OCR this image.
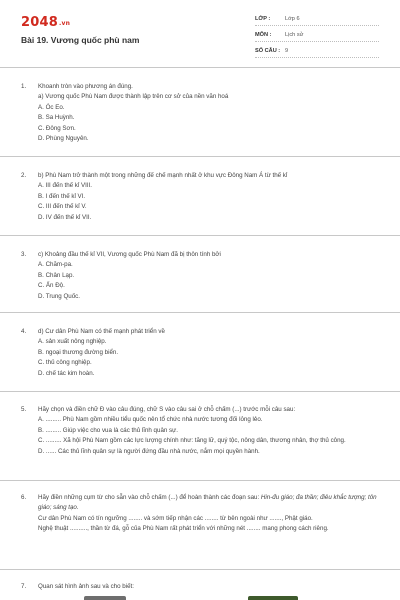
2048.vn
Bài 19. Vương quốc phù nam
LỚP :	Lớp 6
MÔN : Lịch sử
SỐ CÂU : 9
1. Khoanh tròn vào phương án đúng.
a) Vương quốc Phù Nam được thành lập trên cơ sở của nền văn hoá
A. Óc Eo.
B. Sa Huỳnh.
C. Đông Sơn.
D. Phùng Nguyên.
2. b) Phù Nam trở thành một trong những đế chế mạnh nhất ở khu vực Đông Nam Á từ thế kỉ
A. III đến thế kỉ VIII.
B. I đến thế kỉ VI.
C. III đến thế kỉ V.
D. IV đến thế kỉ VII.
3. c) Khoảng đầu thế kỉ VII, Vương quốc Phù Nam đã bị thôn tính bởi
A. Chăm-pa.
B. Chân Lạp.
C. Ấn Độ.
D. Trung Quốc.
4. d) Cư dân Phù Nam có thế mạnh phát triển về
A. sản xuất nông nghiệp.
B. ngoại thương đường biển.
C. thủ công nghiệp.
D. chế tác kim hoàn.
5. Hãy chọn và điền chữ Đ vào câu đúng, chữ S vào câu sai ở chỗ chấm (...) trước mỗi câu sau:
A. ......... Phù Nam gồm nhiều tiểu quốc nên tổ chức nhà nước tương đối lỏng lẻo.
B. ......... Giúp việc cho vua là các thủ lĩnh quân sự.
C. ......... Xã hội Phù Nam gồm các lực lượng chính như: tăng lữ, quý tộc, nông dân, thương nhân, thợ thủ công.
D. ...... Các thủ lĩnh quân sự là người đứng đầu nhà nước, nắm mọi quyền hành.
6. Hãy điền những cụm từ cho sẵn vào chỗ chấm (...) để hoàn thành các đoạn sau: Hin-đu giáo; đa thần; điêu khắc tượng; tôn giáo; sáng tạo.
Cư dân Phù Nam có tín ngưỡng ........ và sớm tiếp nhận các ........ từ bên ngoài như ......., Phật giáo.
Nghệ thuật .........., thần từ đá, gỗ của Phù Nam rất phát triển với những nét ........ mang phong cách riêng.
7. Quan sát hình ảnh sau và cho biết:
